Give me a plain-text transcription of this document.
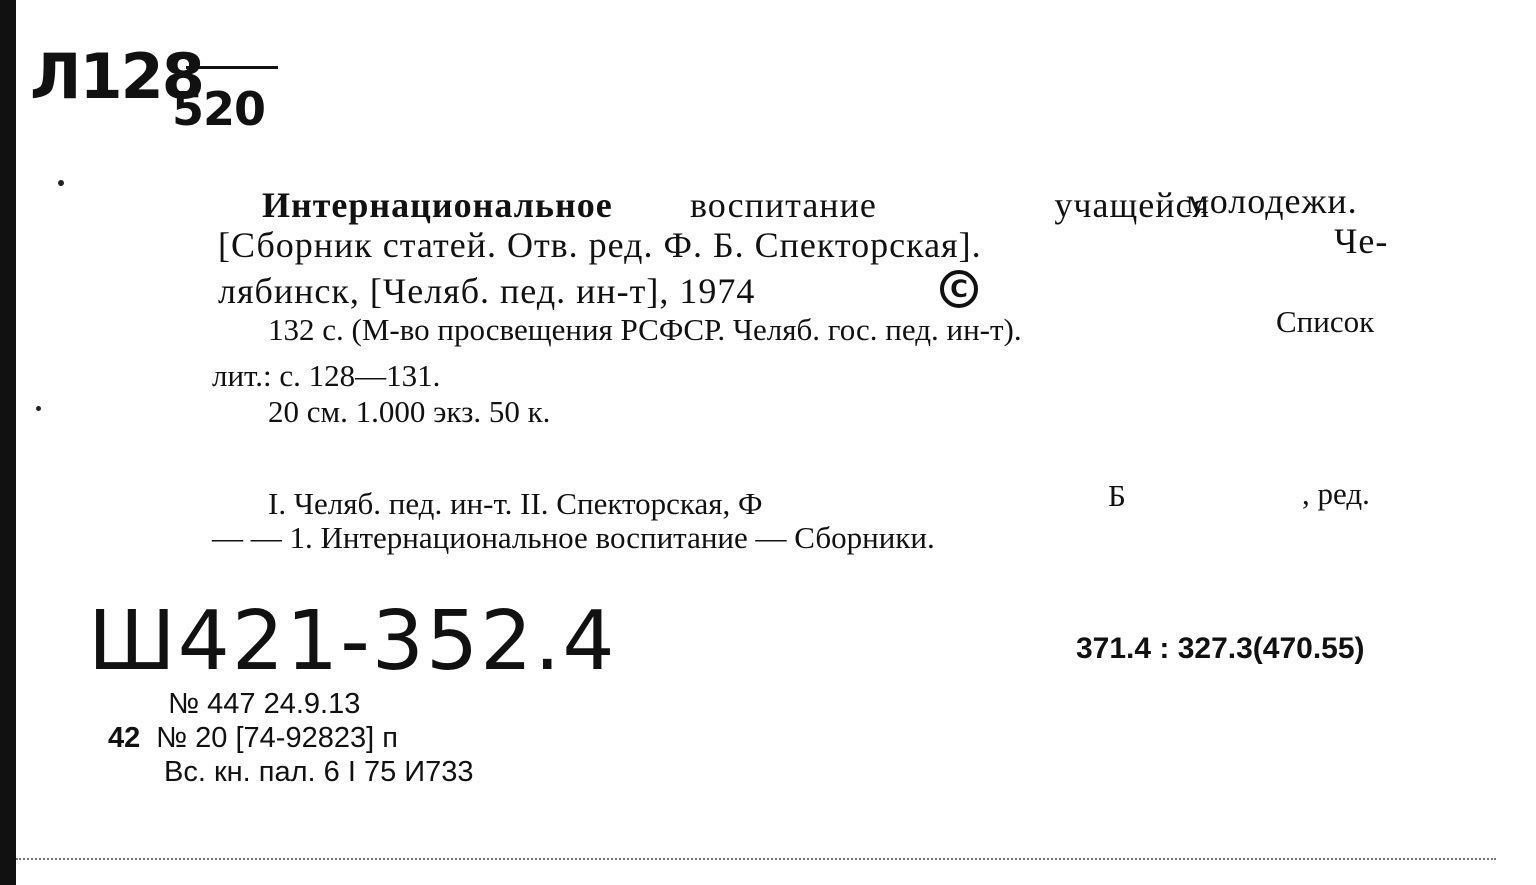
Л128
520
Интернациональное воспитание учащейся
молодежи.
[Сборник статей. Отв. ред. Ф. Б. Спекторская].	Че-
лябинск, [Челяб. пед. ин-т], 1974	C
132 с. (М-во просвещения РСФСР. Челяб. гос. пед. ин-т).	Список
лит.: с. 128—131.
20 см. 1.000 экз. 50 к.
I. Челяб. пед. ин-т. II. Спекторская, Ф	Б	, ред.
— — 1. Интернациональное воспитание — Сборники.
Ш421-352.4	371.4 : 327.3(470.55)
№ 447 24.9.13
42 № 20 [74-92823] п
Вс. кн. пал. 6 I 75 И733
